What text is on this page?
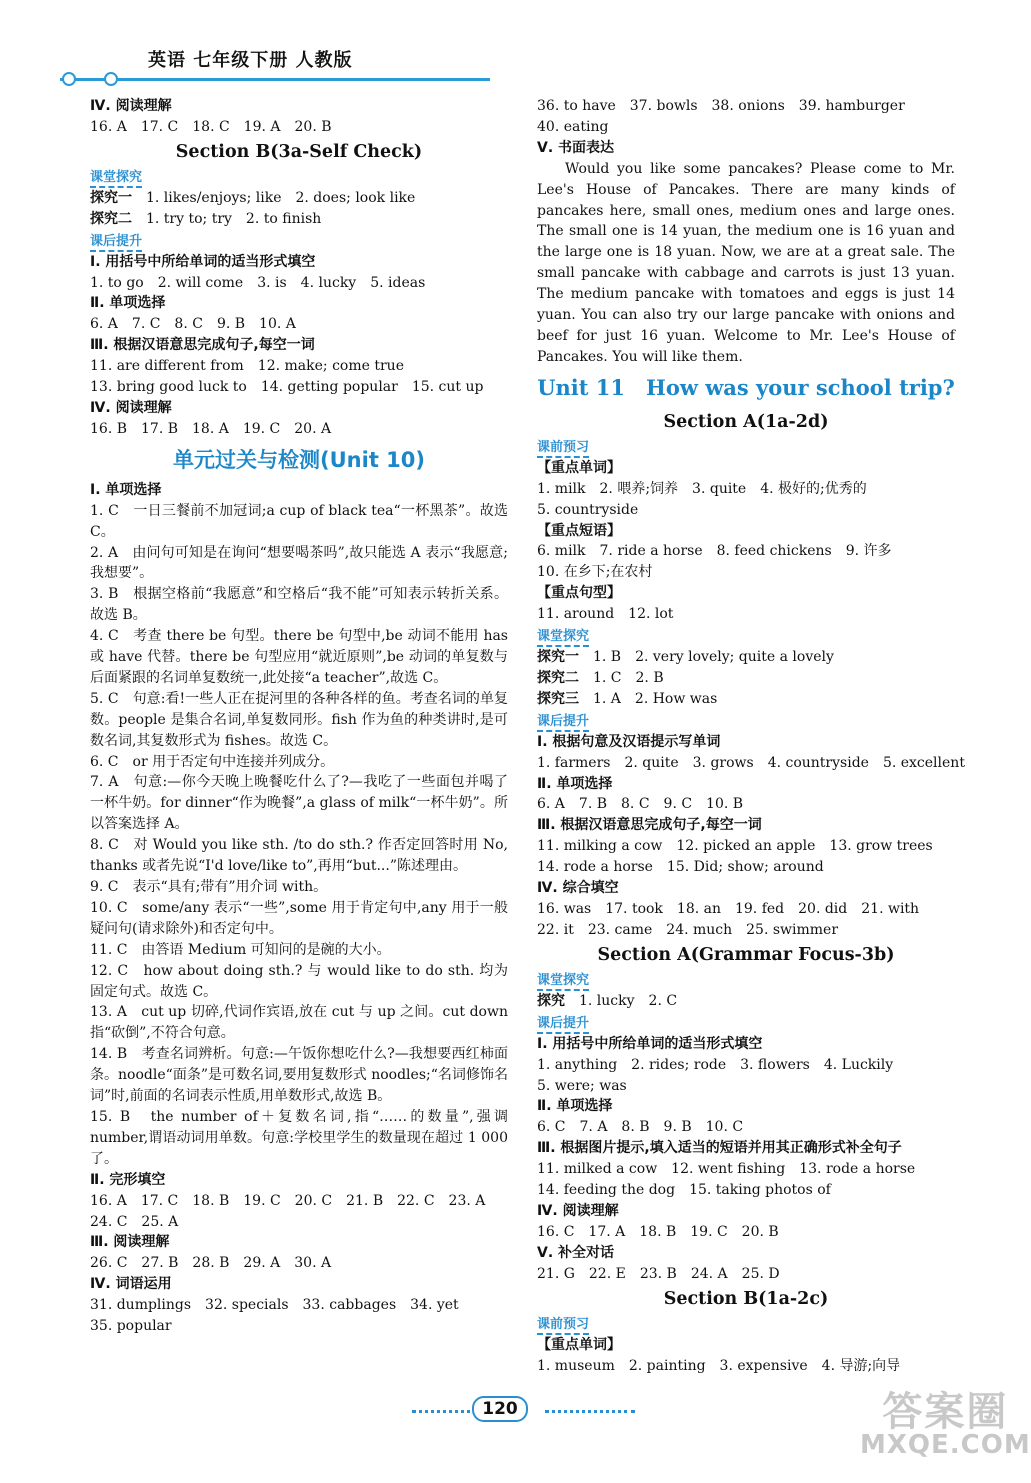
英语 七年级下册 人教版
Ⅳ. 阅读理解
16. A　17. C　18. C　19. A　20. B
Section B(3a-Self Check)
课堂探究
探究一　1. likes/enjoys; like　2. does; look like
探究二　1. try to; try　2. to finish
课后提升
Ⅰ. 用括号中所给单词的适当形式填空
1. to go　2. will come　3. is　4. lucky　5. ideas
Ⅱ. 单项选择
6. A　7. C　8. C　9. B　10. A
Ⅲ. 根据汉语意思完成句子,每空一词
11. are different from　12. make; come true
13. bring good luck to　14. getting popular　15. cut up
Ⅳ. 阅读理解
16. B　17. B　18. A　19. C　20. A
单元过关与检测(Unit 10)
Ⅰ. 单项选择
1. C　一日三餐前不加冠词;a cup of black tea“一杯黑茶”。故选 C。
2. A　由问句可知是在询问“想要喝茶吗”,故只能选 A 表示“我愿意;我想要”。
3. B　根据空格前“我愿意”和空格后“我不能”可知表示转折关系。故选 B。
4. C　考查 there be 句型。there be 句型中,be 动词不能用 has 或 have 代替。there be 句型应用“就近原则”,be 动词的单复数与后面紧跟的名词单复数统一,此处接“a teacher”,故选 C。
5. C　句意:看!一些人正在捉河里的各种各样的鱼。考查名词的单复数。people 是集合名词,单复数同形。fish 作为鱼的种类讲时,是可数名词,其复数形式为 fishes。故选 C。
6. C　or 用于否定句中连接并列成分。
7. A　句意:—你今天晚上晚餐吃什么了?—我吃了一些面包并喝了一杯牛奶。for dinner“作为晚餐”,a glass of milk“一杯牛奶”。所以答案选择 A。
8. C　对 Would you like sth. /to do sth.? 作否定回答时用 No, thanks 或者先说“I'd love/like to”,再用“but...”陈述理由。
9. C　表示“具有;带有”用介词 with。
10. C　some/any 表示“一些”,some 用于肯定句中,any 用于一般疑问句(请求除外)和否定句中。
11. C　由答语 Medium 可知问的是碗的大小。
12. C　how about doing sth.? 与 would like to do sth. 均为固定句式。故选 C。
13. A　cut up 切碎,代词作宾语,放在 cut 与 up 之间。cut down 指“砍倒”,不符合句意。
14. B　考查名词辨析。句意:—午饭你想吃什么?—我想要西红柿面条。noodle“面条”是可数名词,要用复数形式 noodles;“名词修饰名词”时,前面的名词表示性质,用单数形式,故选 B。
15. B　the number of＋复数名词,指“……的数量”,强调 number,谓语动词用单数。句意:学校里学生的数量现在超过 1 000 了。
Ⅱ. 完形填空
16. A　17. C　18. B　19. C　20. C　21. B　22. C　23. A
24. C　25. A
Ⅲ. 阅读理解
26. C　27. B　28. B　29. A　30. A
Ⅳ. 词语运用
31. dumplings　32. specials　33. cabbages　34. yet
35. popular
36. to have　37. bowls　38. onions　39. hamburger
40. eating
Ⅴ. 书面表达
Would you like some pancakes? Please come to Mr. Lee's House of Pancakes. There are many kinds of pancakes here, small ones, medium ones and large ones. The small one is 14 yuan, the medium one is 16 yuan and the large one is 18 yuan. Now, we are at a great sale. The small pancake with cabbage and carrots is just 13 yuan. The medium pancake with tomatoes and eggs is just 14 yuan. You can also try our large pancake with onions and beef for just 16 yuan. Welcome to Mr. Lee's House of Pancakes. You will like them.
Unit 11　How was your school trip?
Section A(1a-2d)
课前预习
【重点单词】
1. milk　2. 喂养;饲养　3. quite　4. 极好的;优秀的
5. countryside
【重点短语】
6. milk　7. ride a horse　8. feed chickens　9. 许多
10. 在乡下;在农村
【重点句型】
11. around　12. lot
课堂探究
探究一　1. B　2. very lovely; quite a lovely
探究二　1. C　2. B
探究三　1. A　2. How was
课后提升
Ⅰ. 根据句意及汉语提示写单词
1. farmers　2. quite　3. grows　4. countryside　5. excellent
Ⅱ. 单项选择
6. A　7. B　8. C　9. C　10. B
Ⅲ. 根据汉语意思完成句子,每空一词
11. milking a cow　12. picked an apple　13. grow trees
14. rode a horse　15. Did; show; around
Ⅳ. 综合填空
16. was　17. took　18. an　19. fed　20. did　21. with
22. it　23. came　24. much　25. swimmer
Section A(Grammar Focus-3b)
课堂探究
探究　1. lucky　2. C
课后提升
Ⅰ. 用括号中所给单词的适当形式填空
1. anything　2. rides; rode　3. flowers　4. Luckily
5. were; was
Ⅱ. 单项选择
6. C　7. A　8. B　9. B　10. C
Ⅲ. 根据图片提示,填入适当的短语并用其正确形式补全句子
11. milked a cow　12. went fishing　13. rode a horse
14. feeding the dog　15. taking photos of
Ⅳ. 阅读理解
16. C　17. A　18. B　19. C　20. B
Ⅴ. 补全对话
21. G　22. E　23. B　24. A　25. D
Section B(1a-2c)
课前预习
【重点单词】
1. museum　2. painting　3. expensive　4. 导游;向导
120	答案圈
MXQE.COM
